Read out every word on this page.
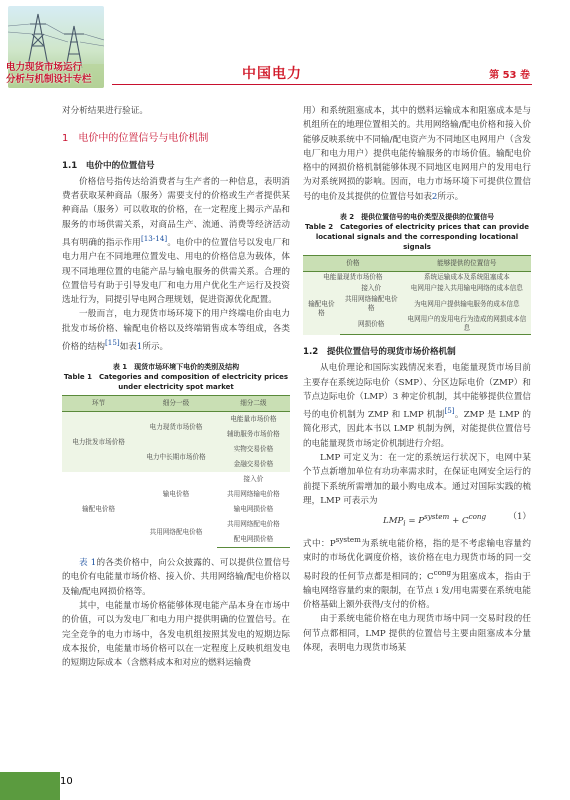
电力现货市场运行
分析与机制设计专栏	中国电力	第 53 卷

对分析结果进行验证。

1　电价中的位置信号与电价机制
1.1　电价中的位置信号

价格信号指传达给消费者与生产者的一种信息，表明消费者获取某种商品（服务）需要支付的价格或生产者提供某种商品（服务）可以收取的价格，在一定程度上揭示产品和服务的市场供需关系，对商品生产、流通、消费等经济活动具有明确的指示作用[13-14]。电价中的位置信号以发电厂和电力用户在不同地理位置发电、用电的价格信息为载体，体现不同地理位置的电能产品与输电服务的供需关系。合理的位置信号有助于引导发电厂和电力用户优化生产运行及投资选址行为，同提引导电网合理规划，促进资源优化配置。

一般而言，电力现货市场环境下的用户终端电价由电力批发市场价格、输配电价格以及终端销售成本等组成，各类价格的结构[15]如表1所示。

表 1　现货市场环境下电价的类别及结构
Table 1　Categories and composition of electricity prices under electricity spot market
环节	细分一级	细分二级
电力批发市场价格	电力现货市场价格	电能量市场价格
		辅助服务市场价格
	电力中长期市场价格	实物交易价格
		金融交易价格
输配电价格	输电价格	接入价
		共用网络输电价格
		输电网损价格
	共用网络配电价格	共用网络配电价格
		配电网损价格

表 1的各类价格中，向公众披露的、可以提供位置信号的电价有电能量市场价格、接入价、共用网络输/配电价格以及输/配电网损价格等。

其中，电能量市场价格能够体现电能产品本身在市场中的价值，可以为发电厂和电力用户提供明确的位置信号。在完全竞争的电力市场中，各发电机组按照其发电的短期边际成本报价，电能量市场价格可以在一定程度上反映机组发电的短期边际成本（含燃料成本和对应的燃料运输费

用）和系统阻塞成本，其中的燃料运输成本和阻塞成本是与机组所在的地理位置相关的。共用网络输/配电价格和接入价能够反映系统中不同输/配电资产为不同地区电网用户（含发电厂和电力用户）提供电能传输服务的市场价值。输配电价格中的网损价格机制能够体现不同地区电网用户的发用电行为对系统网损的影响。因而，电力市场环境下可提供位置信号的电价及其提供的位置信号如表2所示。

表 2　提供位置信号的电价类型及提供的位置信号
Table 2　Categories of electricity prices that can provide locational signals and the corresponding locational signals
价格		能够提供的位置信号
电能量现货市场价格		系统运输成本及系统阻塞成本
输配电价格	接入价	电网用户接入共用输电网络的成本信息
	共用网络输配电价格	为电网用户提供输电服务的成本信息
	网损价格	电网用户的发用电行为造成的网损成本信息
1.2　提供位置信号的现货市场价格机制

从电价理论和国际实践情况来看，电能量现货市场目前主要存在系统边际电价（SMP）、分区边际电价（ZMP）和节点边际电价（LMP）3 种定价机制，其中能够提供位置信号的电价机制为 ZMP 和 LMP 机制[5]。ZMP 是 LMP 的简化形式，因此本书以 LMP 机制为例，对能提供位置信号的电能量现货市场定价机制进行介绍。

LMP 可定义为：在一定的系统运行状况下，电网中某个节点新增加单位有功功率需求时，在保证电网安全运行的前提下系统所需增加的最小购电成本。通过对国际实践的梳理，LMP 可表示为

$LMP_i = P^{system} + C^{cong}$	（1）

式中：$P^{system}$为系统电能价格，指的是不考虑输电容量约束时的市场优化调度价格，该价格在电力现货市场的同一交易时段的任何节点都是相同的；$C^{cong}$为阻塞成本，指由于输电网络容量约束的限制，在节点 i 发/用电需要在系统电能价格基础上额外获得/支付的价格。

由于系统电能价格在电力现货市场中同一交易时段的任何节点都相同，LMP 提供的位置信号主要由阻塞成本分量体现，表明电力现货市场某

10
